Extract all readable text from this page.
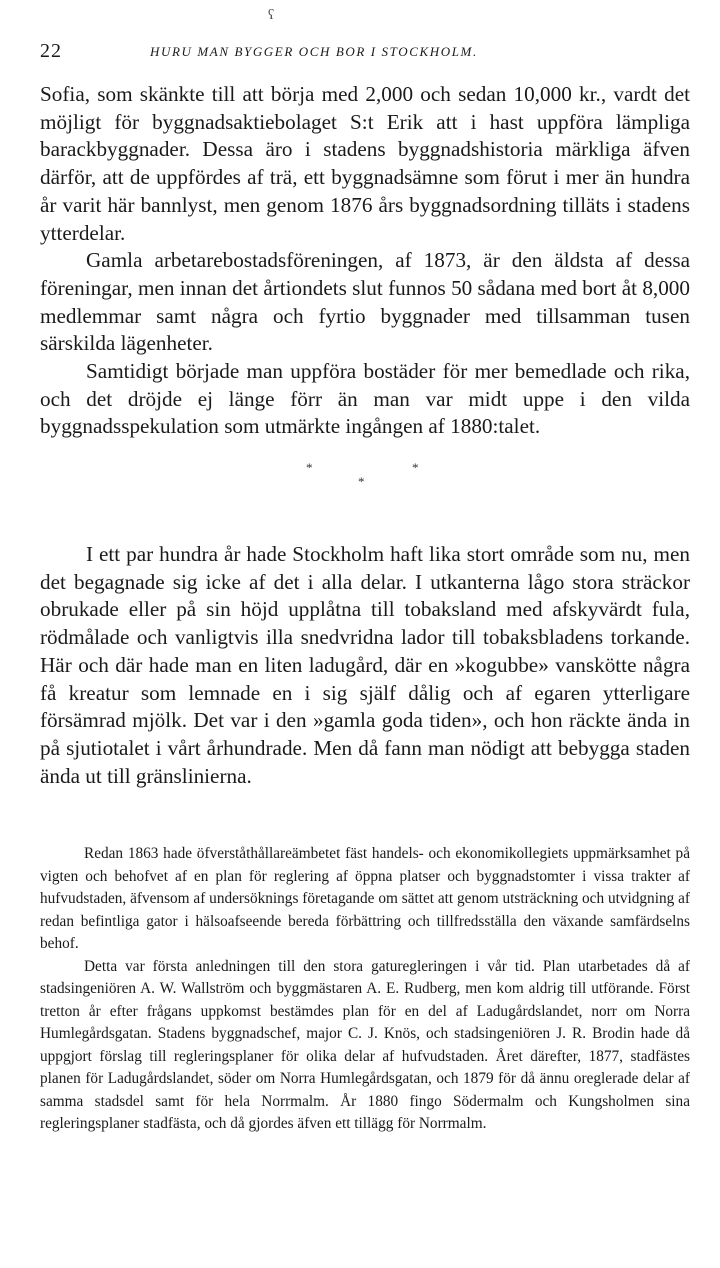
ʕ
22	HURU MAN BYGGER OCH BOR I STOCKHOLM.

Sofia, som skänkte till att börja med 2,000 och sedan 10,000 kr., vardt det möjligt för byggnadsaktiebolaget S:t Erik att i hast uppföra lämpliga barackbyggnader. Dessa äro i stadens byggnadshistoria märkliga äfven därför, att de uppfördes af trä, ett byggnadsämne som förut i mer än hundra år varit här bannlyst, men genom 1876 års byggnadsordning tilläts i stadens ytterdelar.

Gamla arbetarebostadsföreningen, af 1873, är den äldsta af dessa föreningar, men innan det årtiondets slut funnos 50 sådana med bort åt 8,000 medlemmar samt några och fyrtio byggnader med tillsamman tusen särskilda lägenheter.

Samtidigt började man uppföra bostäder för mer bemedlade och rika, och det dröjde ej länge förr än man var midt uppe i den vilda byggnadsspekulation som utmärkte ingången af 1880:talet.

*	*
*

I ett par hundra år hade Stockholm haft lika stort område som nu, men det begagnade sig icke af det i alla delar. I utkanterna lågo stora sträckor obrukade eller på sin höjd upplåtna till tobaksland med afskyvärdt fula, rödmålade och vanligtvis illa snedvridna lador till tobaksbladens torkande. Här och där hade man en liten ladugård, där en »kogubbe» vansköttе några få kreatur som lemnade en i sig själf dålig och af egaren ytterligare försämrad mjölk. Det var i den »gamla goda tiden», och hon räckte ända in på sjutiotalet i vårt århundrade. Men då fann man nödigt att bebygga staden ända ut till gränslinierna.

Redan 1863 hade öfverståthållareämbetet fäst handels- och ekonomikollegiets uppmärksamhet på vigten och behofvet af en plan för reglering af öppna platser och byggnadstomter i vissa trakter af hufvudstaden, äfvensom af undersöknings företagande om sättet att genom utsträckning och utvidgning af redan befintliga gator i hälsoafseende bereda förbättring och tillfredsställa den växande samfärdselns behof.

Detta var första anledningen till den stora gaturegleringen i vår tid. Plan utarbetades då af stadsingeniören A. W. Wallström och byggmästaren A. E. Rudberg, men kom aldrig till utförande. Först tretton år efter frågans uppkomst bestämdes plan för en del af Ladugårdslandet, norr om Norra Humlegårdsgatan. Stadens byggnadschef, major C. J. Knös, och stadsingeniören J. R. Brodin hade då uppgjort förslag till regleringsplaner för olika delar af hufvudstaden. Året därefter, 1877, stadfästes planen för Ladugårdslandet, söder om Norra Humlegårdsgatan, och 1879 för då ännu oreglerade delar af samma stadsdel samt för hela Norrmalm. År 1880 fingo Södermalm och Kungsholmen sina regleringsplaner stadfästa, och då gjordes äfven ett tillägg för Norrmalm.
